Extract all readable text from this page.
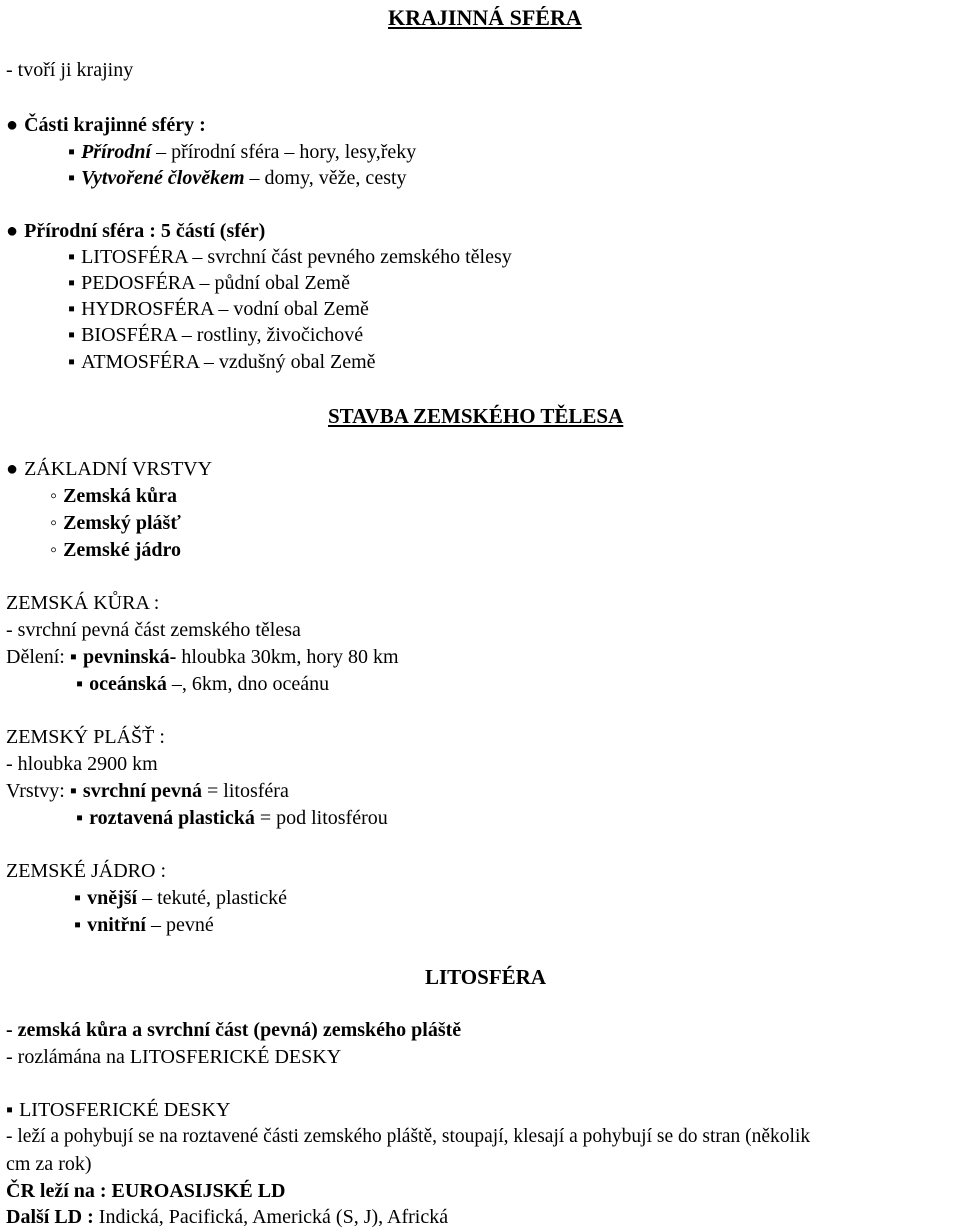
KRAJINNÁ SFÉRA
- tvoří ji krajiny
● Části krajinné sféry :
▪ Přírodní – přírodní sféra – hory, lesy,řeky
▪ Vytvořené člověkem – domy, věže, cesty
● Přírodní sféra : 5 částí (sfér)
▪ LITOSFÉRA – svrchní část pevného zemského tělesy
▪ PEDOSFÉRA – půdní obal Země
▪ HYDROSFÉRA – vodní obal Země
▪ BIOSFÉRA – rostliny, živočichové
▪ ATMOSFÉRA – vzdušný obal Země
STAVBA ZEMSKÉHO TĚLESA
● ZÁKLADNÍ VRSTVY
◦ Zemská kůra
◦ Zemský plášť
◦ Zemské jádro
ZEMSKÁ KŮRA :
- svrchní pevná část zemského tělesa
Dělení: ▪ pevninská- hloubka 30km, hory 80 km
▪ oceánská –, 6km, dno oceánu
ZEMSKÝ PLÁŠŤ :
- hloubka 2900 km
Vrstvy: ▪ svrchní pevná = litosféra
▪ roztavená plastická = pod litosférou
ZEMSKÉ JÁDRO :
▪ vnější – tekuté, plastické
▪ vnitřní – pevné
LITOSFÉRA
- zemská kůra a svrchní část (pevná) zemského pláště
- rozlámána na LITOSFERICKÉ DESKY
▪ LITOSFERICKÉ DESKY
- leží a pohybují se na roztavené části zemského pláště, stoupají, klesají a pohybují se do stran (několik
cm za rok)
ČR leží na : EUROASIJSKÉ LD
Další LD : Indická, Pacifická, Americká (S, J), Africká
